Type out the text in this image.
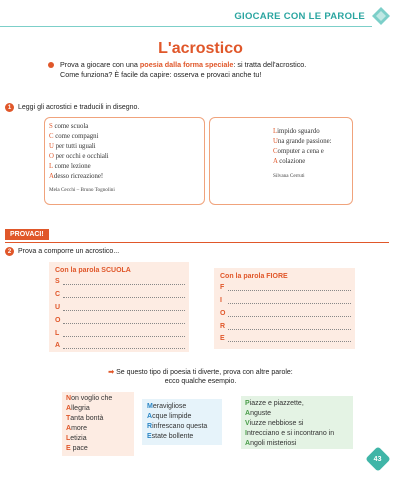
GIOCARE CON LE PAROLE
L'acrostico
Prova a giocare con una poesia dalla forma speciale: si tratta dell'acrostico.
Come funziona? È facile da capire: osserva e provaci anche tu!
1 Leggi gli acrostici e traducili in disegno.
S come scuola
C come compagni
U per tutti uguali
O per occhi e occhiali
L come lezione
Adesso ricreazione!
Mela Cecchi – Bruno Tognolini
Limpido sguardo
Una grande passione:
Computer a cena e
A colazione
Silvana Cerruti
PROVACI!
2 Prova a comporre un acrostico...
Con la parola SCUOLA
S
C
U
O
L
A
Con la parola FIORE
F
I
O
R
E
➡ Se questo tipo di poesia ti diverte, prova con altre parole:
ecco qualche esempio.
Non voglio che
Allegria
Tanta bontà
Amore
Letizia
E pace
Meravigliose
Acque limpide
Rinfrescano questa
Estate bollente
Piazze e piazzette,
Anguste
Viuzze nebbiose si
Intrecciano e si incontrano in
Angoli misteriosi
43
